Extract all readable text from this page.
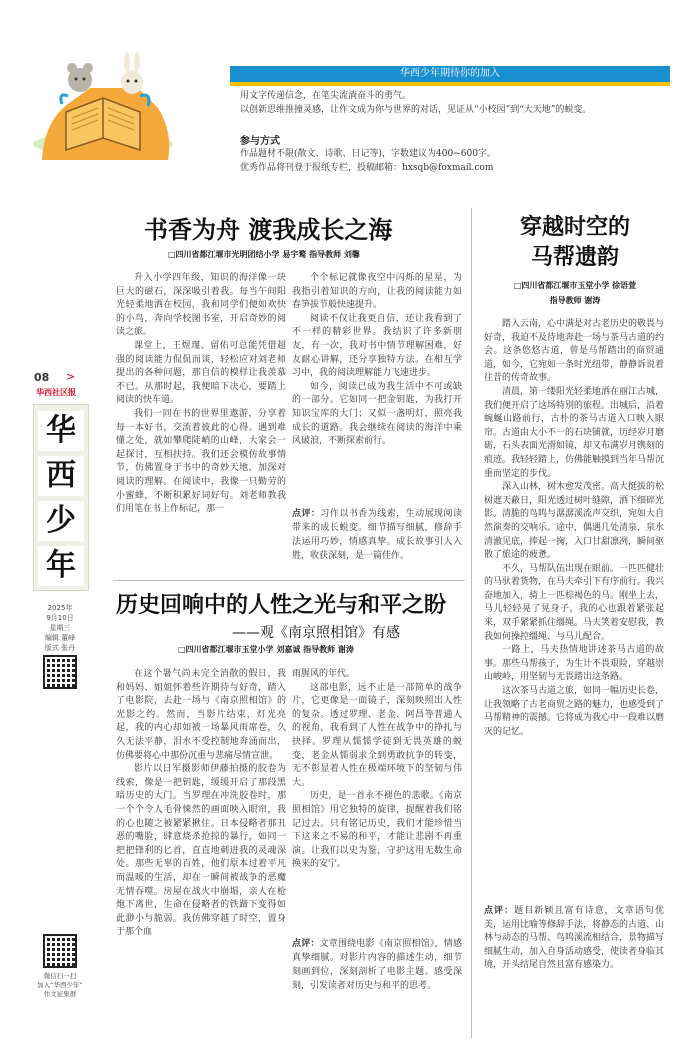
华西少年期待你的加入

用文字传递信念，在笔尖流淌奋斗的勇气。

以创新思维推撞灵感，让作文成为你与世界的对话，见证从“小校园”到“大天地”的蜕变。

参与方式

作品题材不限(散文、诗歌、日记等)，字数建议为400~600字。

优秀作品将刊登于报纸专栏，投稿邮箱：hxsqb@foxmail.com

08 >
华西社区报
华
西
少
年
2025年
9月10日
星期三
编辑 董峰
版式 张丹
微信扫一扫
加入“华西少年”
作文征集群
书香为舟 渡我成长之海
□四川省都江堰市光明团结小学 易宇鹜 指导教师 刘馨

升入小学四年级，知识的海洋像一块巨大的磁石，深深吸引着我。每当午间阳光轻柔地洒在校园，我和同学们便如欢快的小鸟，奔向学校图书室，开启奇妙的阅读之旅。

课堂上，王煜瑾、留佑可总能凭借超强的阅读能力侃侃而谈，轻松应对刘老师提出的各种问题，那自信的模样让我羡慕不已。从那时起，我便暗下决心，要踏上阅读的快车道。

我们一同在书的世界里遨游，分享着每一本好书，交流着彼此的心得。遇到难懂之处，就如攀爬陡峭的山峰，大家会一起探讨，互相扶持。我们还会模仿故事情节，仿佛置身于书中的奇妙天地，加深对阅读的理解。在阅读中，我像一只勤劳的小蜜蜂，不断积累好词好句。刘老师教我们用笔在书上作标记，那一

个个标记就像夜空中闪烁的星星，为我指引着知识的方向，让我的阅读能力如春笋拔节般快速提升。

阅读不仅让我更自信，还让我看到了不一样的精彩世界。我结识了许多新朋友，有一次，我对书中情节理解困难，好友耐心讲解，还分享独特方法。在相互学习中，我的阅读理解能力飞速进步。

如今，阅读已成为我生活中不可或缺的一部分。它如同一把金钥匙，为我打开知识宝库的大门；又似一盏明灯，照亮我成长的道路。我会继续在阅读的海洋中乘风破浪，不断探索前行。

点评：习作以书香为线索，生动展现阅读带来的成长蜕变。细节描写细腻，修辞手法运用巧妙，情感真挚。成长故事引人入胜，收获深刻，是一篇佳作。
历史回响中的人性之光与和平之盼
——观《南京照相馆》有感
□四川省都江堰市玉堂小学 刘嘉诚 指导教师 谢涛

在这个暑气尚未完全消散的假日，我和妈妈、姐姐怀着些许期待与好奇，踏入了电影院，去赴一场与《南京照相馆》的光影之约。然而，当影片结束，灯光亮起，我的内心却如被一场暴风雨席卷，久久无法平静，泪水不受控制地奔涌而出，仿佛要将心中那份沉重与悲痛尽情宣泄。

影片以日军摄影师伊藤拍摄的胶卷为线索，像是一把钥匙，缓缓开启了那段黑暗历史的大门。当罗理在冲洗胶卷时，那一个个令人毛骨悚然的画面映入眼帘，我的心也随之被紧紧揪住。日本侵略者那丑恶的嘴脸，肆意烧杀抢掠的暴行，如同一把把锋利的匕首，直直地刺进我的灵魂深处。那些无辜的百姓，他们原本过着平凡而温暖的生活，却在一瞬间被战争的恶魔无情吞噬。房屋在战火中崩塌，亲人在枪炮下离世，生命在侵略者的铁蹄下变得如此渺小与脆弱。我仿佛穿越了时空，置身于那个血

雨腥风的年代。

这部电影，远不止是一部简单的战争片，它更像是一面镜子，深刻映照出人性的复杂。透过罗理、老金、阿昌等普通人的视角，我看到了人性在战争中的挣扎与抉择。罗理从懦懦学徒到无畏英雄的蜕变，老金从懦弱求全到勇敢抗争的转变，无不彰显着人性在极端环境下的坚韧与伟大。

历史，是一首永不褪色的悲歌。《南京照相馆》用它独特的旋律，提醒着我们铭记过去。只有铭记历史，我们才能珍惜当下这来之不易的和平，才能让悲剧不再重演。让我们以史为鉴，守护这用无数生命换来的安宁。

点评：文章围绕电影《南京照相馆》，情感真挚细腻。对影片内容的描述生动，细节刻画到位，深刻剖析了电影主题。感受深刻，引发读者对历史与和平的思考。
穿越时空的
马帮遗韵
□四川省都江堰市玉堂小学 徐语萱
指导教师 谢涛

踏入云南，心中满是对古老历史的敬畏与好奇，我迫不及待地奔赴一场与茶马古道的约会。这条悠悠古道，曾是马帮踏出的商贸通道，如今，它宛如一条时光纽带，静静诉说着往昔的传奇故事。

清晨，第一缕阳光轻柔地洒在丽江古城，我们便开启了这场特别的旅程。出城后，沿着蜿蜒山路前行，古朴的茶马古道入口映入眼帘。古道由大小不一的石块铺就，历经岁月磨砺，石头表面光滑如镜，却又布满岁月镌刻的痕迹。我轻轻踏上，仿佛能触摸到当年马帮沉重而坚定的步伐。

深入山林，树木愈发茂密。高大挺拔的松树遮天蔽日，阳光透过树叶缝隙，洒下细碎光影。清脆的鸟鸣与潺潺溪流声交织，宛如大自然演奏的交响乐。途中，偶遇几处清泉，泉水清澈见底，捧起一掬，入口甘甜凛冽，瞬间驱散了旅途的疲惫。

不久，马帮队伍出现在眼前。一匹匹健壮的马驮着货物，在马夫牵引下有序前行。我兴奋地加入，骑上一匹棕褐色的马。刚坐上去，马儿轻轻晃了晃身子，我的心也跟着紧张起来，双手紧紧抓住缰绳。马夫笑着安慰我，教我如何操控缰绳、与马儿配合。

一路上，马夫热情地讲述茶马古道的故事。那些马帮孩子，为生计不畏艰险，穿越崇山峻岭，用坚韧与无畏踏出这条路。

这次茶马古道之旅，如同一幅历史长卷，让我领略了古老商贸之路的魅力，也感受到了马帮精神的震撼。它将成为我心中一段难以磨灭的记忆。

点评：题目新颖且富有诗意，文章语句优美，运用比喻等修辞手法，将静态的古道、山林与动态的马帮、鸟鸣溪流相结合，景物描写细腻生动，加入自身活动感受，使读者身临其境，开头结尾自然且富有感染力。
